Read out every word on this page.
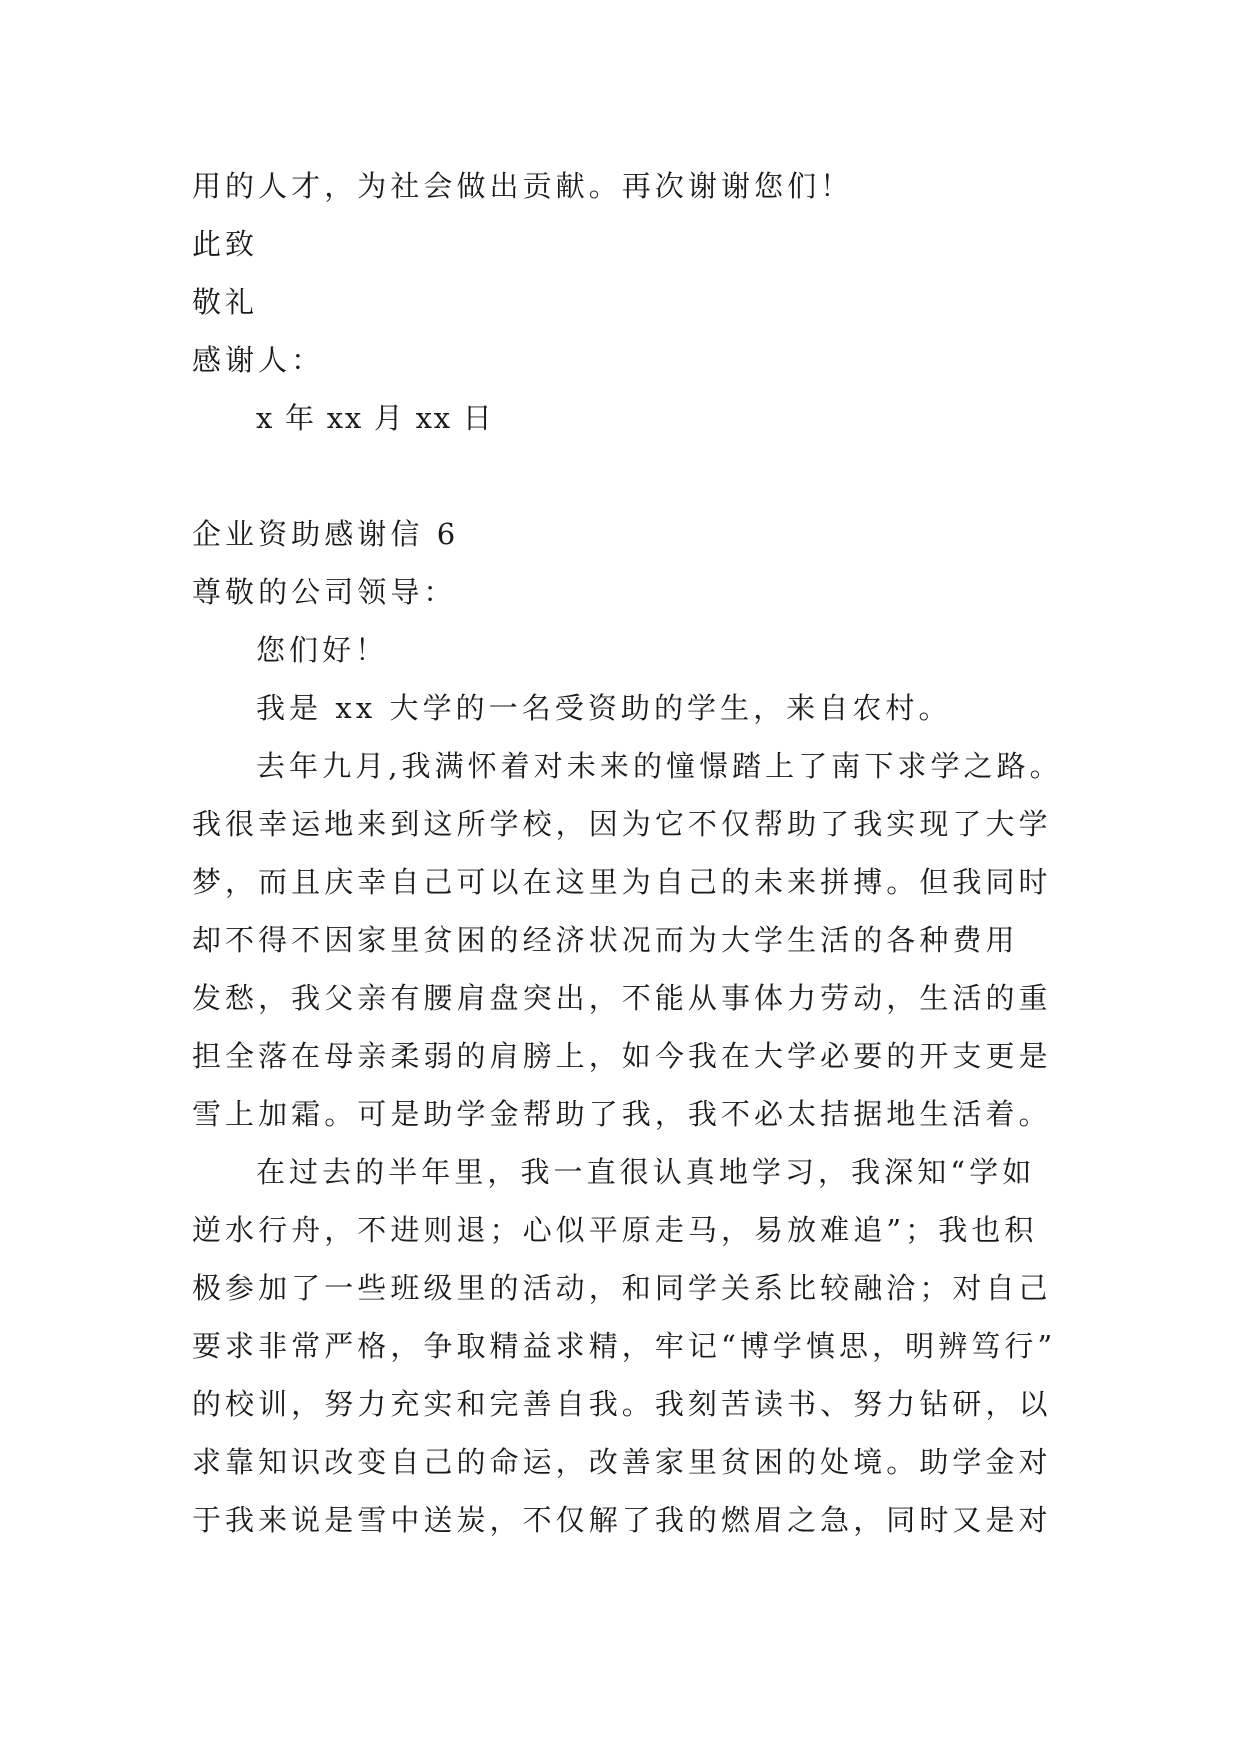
用的人才，为社会做出贡献。再次谢谢您们！

此致

敬礼

感谢人：

x 年 xx 月 xx 日

企业资助感谢信 6

尊敬的公司领导：

您们好！

我是 xx 大学的一名受资助的学生，来自农村。

去年九月,我满怀着对未来的憧憬踏上了南下求学之路。

我很幸运地来到这所学校，因为它不仅帮助了我实现了大学

梦，而且庆幸自己可以在这里为自己的未来拼搏。但我同时

却不得不因家里贫困的经济状况而为大学生活的各种费用

发愁，我父亲有腰肩盘突出，不能从事体力劳动，生活的重

担全落在母亲柔弱的肩膀上，如今我在大学必要的开支更是

雪上加霜。可是助学金帮助了我，我不必太拮据地生活着。

在过去的半年里，我一直很认真地学习，我深知“学如

逆水行舟，不进则退；心似平原走马，易放难追”；我也积

极参加了一些班级里的活动，和同学关系比较融洽；对自己

要求非常严格，争取精益求精，牢记“博学慎思，明辨笃行”

的校训，努力充实和完善自我。我刻苦读书、努力钻研，以

求靠知识改变自己的命运，改善家里贫困的处境。助学金对

于我来说是雪中送炭，不仅解了我的燃眉之急，同时又是对
